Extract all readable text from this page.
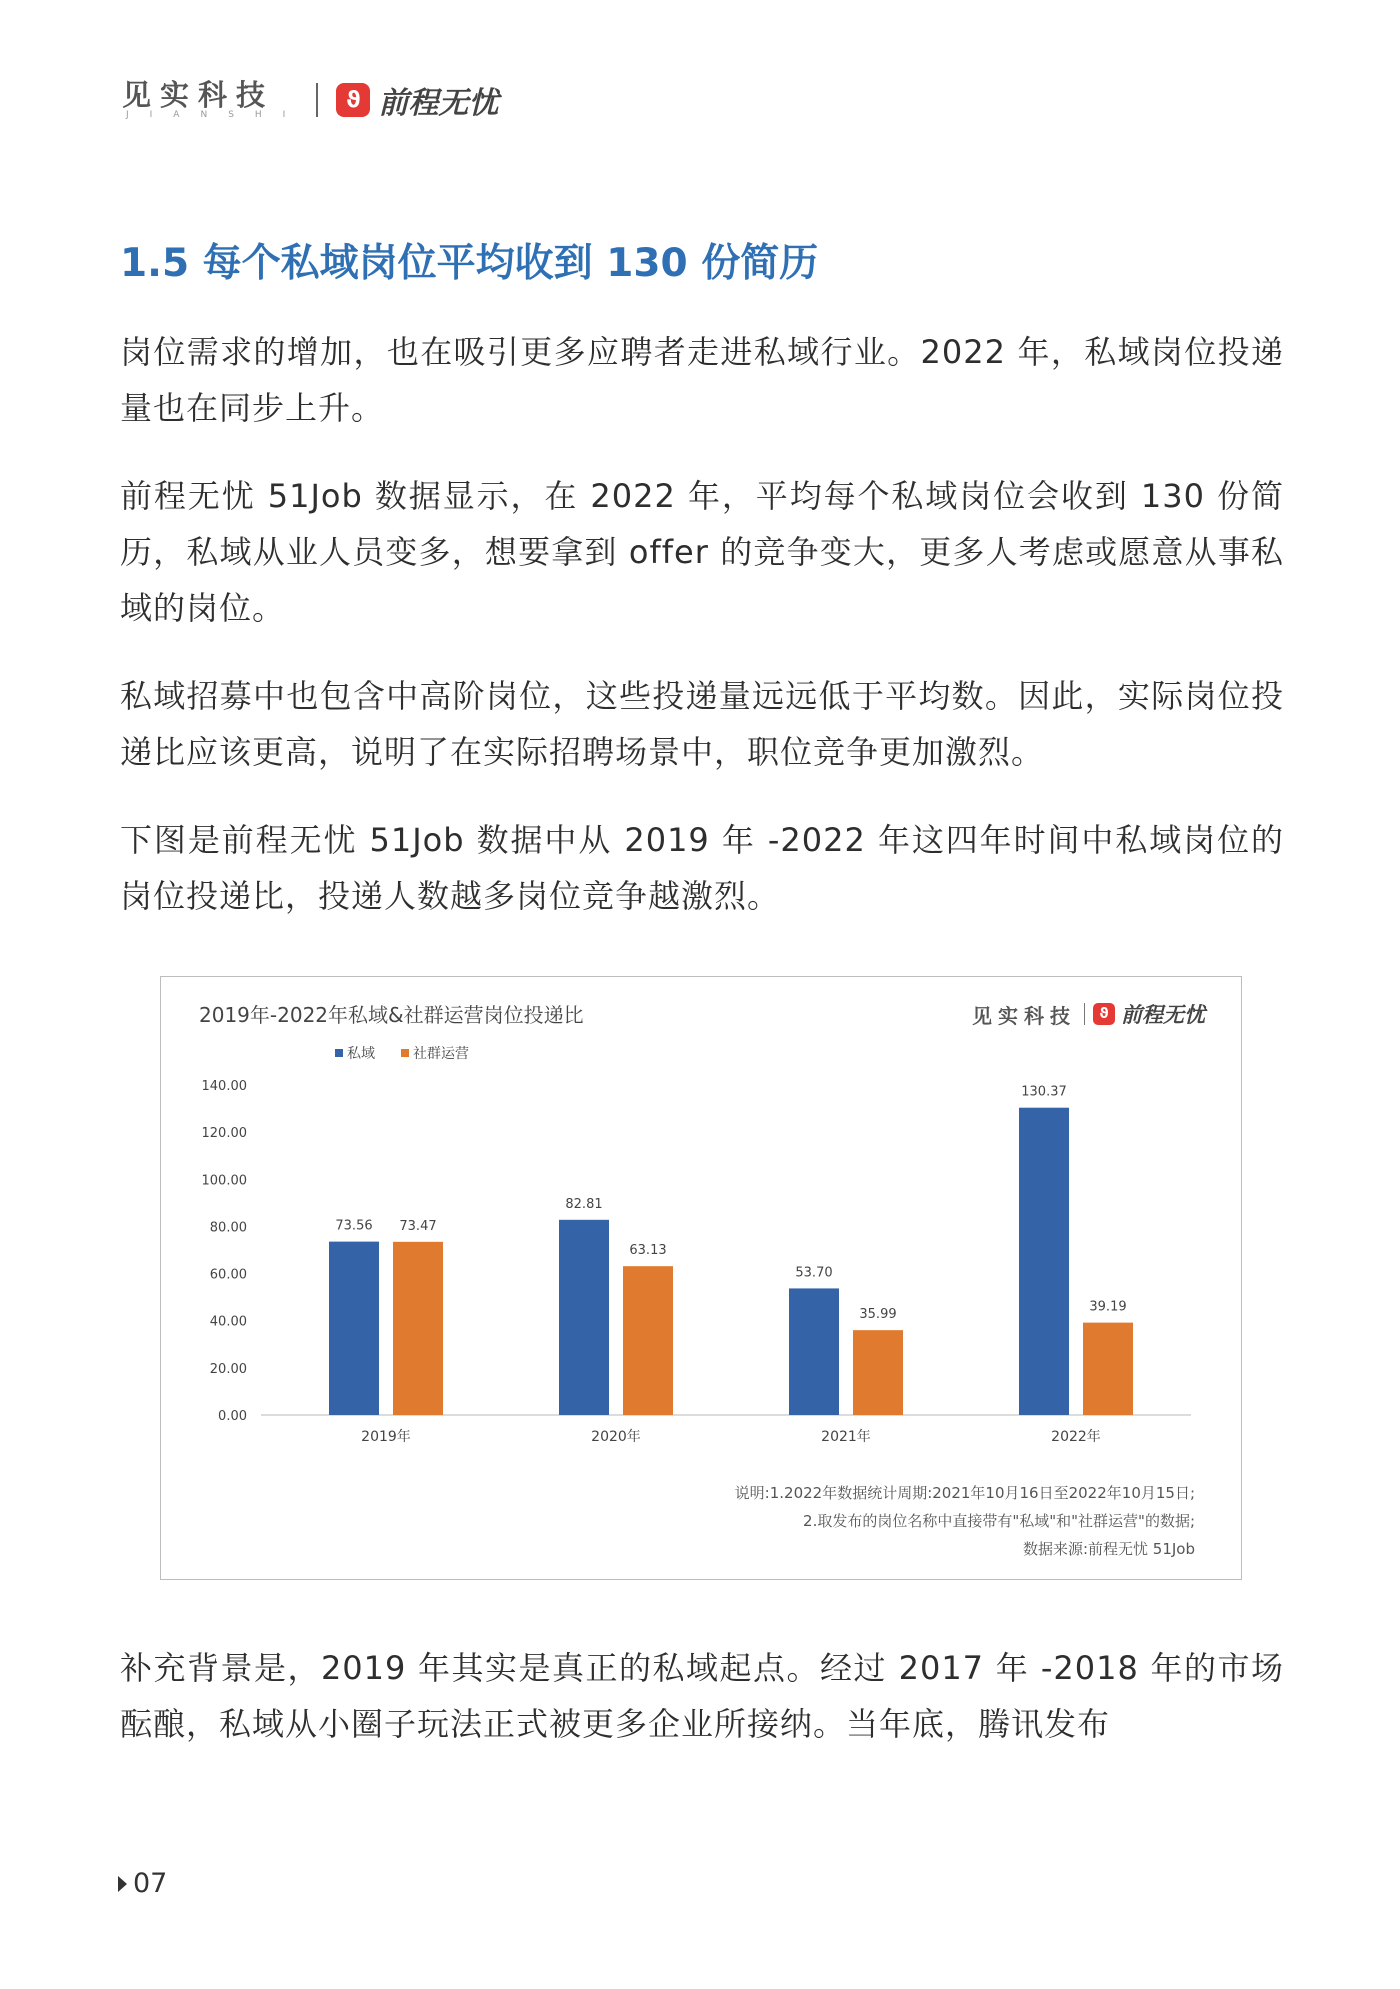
见实科技
JIANSHI
ϑ 前程无忧
1.5 每个私域岗位平均收到 130 份简历

岗位需求的增加，也在吸引更多应聘者走进私域行业。2022 年，私域岗位投递量也在同步上升。

前程无忧 51Job 数据显示，在 2022 年，平均每个私域岗位会收到 130 份简历，私域从业人员变多，想要拿到 offer 的竞争变大，更多人考虑或愿意从事私域的岗位。

私域招募中也包含中高阶岗位，这些投递量远远低于平均数。因此，实际岗位投递比应该更高，说明了在实际招聘场景中，职位竞争更加激烈。

下图是前程无忧 51Job 数据中从 2019 年 -2022 年这四年时间中私域岗位的岗位投递比，投递人数越多岗位竞争越激烈。

2019年-2022年私域&社群运营岗位投递比
私域	社群运营
见实科技	ϑ 前程无忧
0.00
20.00
40.00
60.00
80.00
100.00
120.00
140.00
73.56 73.47
2019年
82.81
63.13
2020年
53.70
35.99
2021年
130.37
39.19
2022年
说明:1.2022年数据统计周期:2021年10月16日至2022年10月15日;
2.取发布的岗位名称中直接带有"私域"和"社群运营"的数据;
数据来源:前程无忧 51Job

补充背景是，2019 年其实是真正的私域起点。经过 2017 年 -2018 年的市场酝酿，私域从小圈子玩法正式被更多企业所接纳。当年底，腾讯发布

07
